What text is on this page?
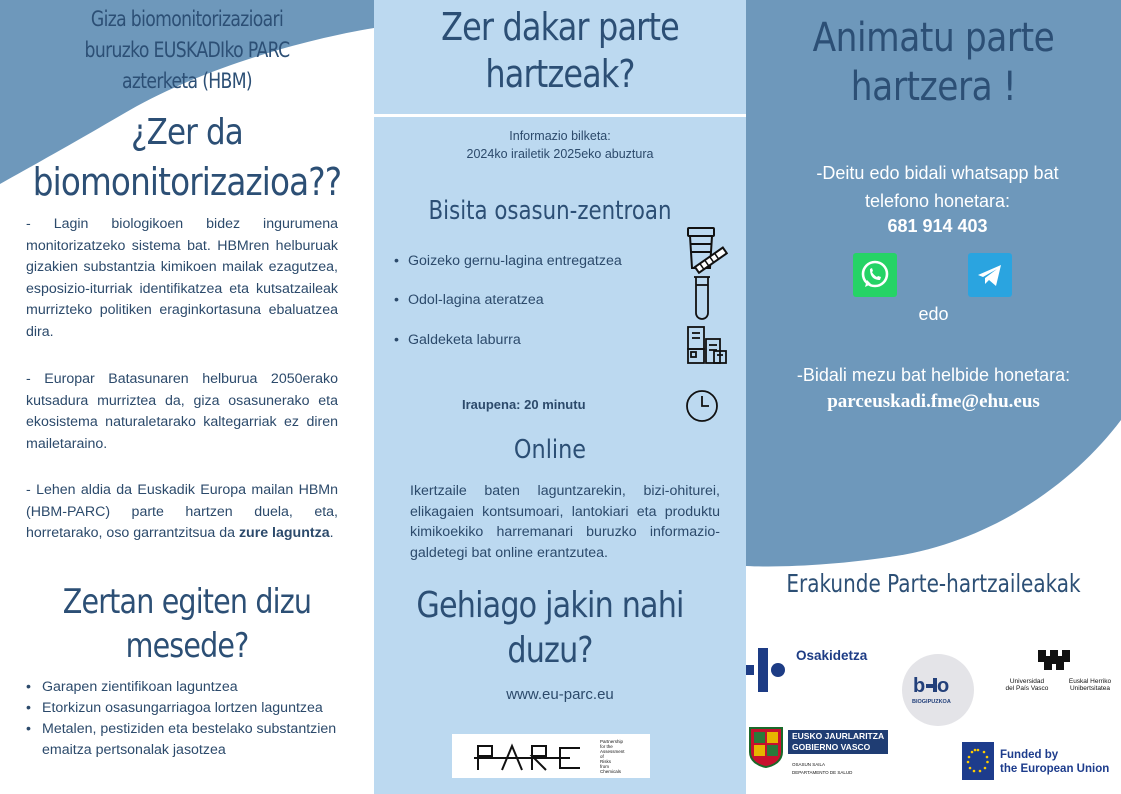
Giza biomonitorizazioari
buruzko EUSKADIko PARC
azterketa (HBM)
¿Zer da
biomonitorizazioa??

- Lagin biologikoen bidez ingurumena monitorizatzeko sistema bat. HBMren helburuak gizakien substantzia kimikoen mailak ezagutzea, esposizio-iturriak identifikatzea eta kutsatzaileak murrizteko politiken eraginkortasuna ebaluatzea dira.

- Europar Batasunaren helburua 2050erako kutsadura murriztea da, giza osasunerako eta ekosistema naturaletarako kaltegarriak ez diren mailetaraino.

- Lehen aldia da Euskadik Europa mailan HBMn (HBM-PARC) parte hartzen duela, eta, horretarako, oso garrantzitsua da zure laguntza.

Zertan egiten dizu
mesede?
• Garapen zientifikoan laguntzea
• Etorkizun osasungarriagoa lortzen laguntzea
• Metalen, pestiziden eta bestelako substantzien emaitza pertsonalak jasotzea
Zer dakar parte
hartzeak?
Informazio bilketa:
2024ko irailetik 2025eko abuztura
Bisita osasun-zentroan
• Goizeko gernu-lagina entregatzea
• Odol-lagina ateratzea
• Galdeketa laburra
Iraupena: 20 minutu
Online

Ikertzaile baten laguntzarekin, bizi-ohiturei, elikagaien kontsumoari, lantokiari eta produktu kimikoekiko harremanari buruzko informazio-galdetegi bat online erantzutea.

Gehiago jakin nahi
duzu?
www.eu-parc.eu
Partnership
for the
Assessment
of
Risks
from
Chemicals
Animatu parte
hartzera !
-Deitu edo bidali whatsapp bat
telefono honetara:
681 914 403
edo
-Bidali mezu bat helbide honetara:
parceuskadi.fme@ehu.eus
Erakunde Parte-hartzaileakak
Osakidetza
b o
BIOGIPUZKOA
Universidad
del País Vasco
Euskal Herriko
Unibertsitatea
EUSKO JAURLARITZA
GOBIERNO VASCO
OSASUN SAILA
DEPARTAMENTO DE SALUD
Funded by
the European Union
